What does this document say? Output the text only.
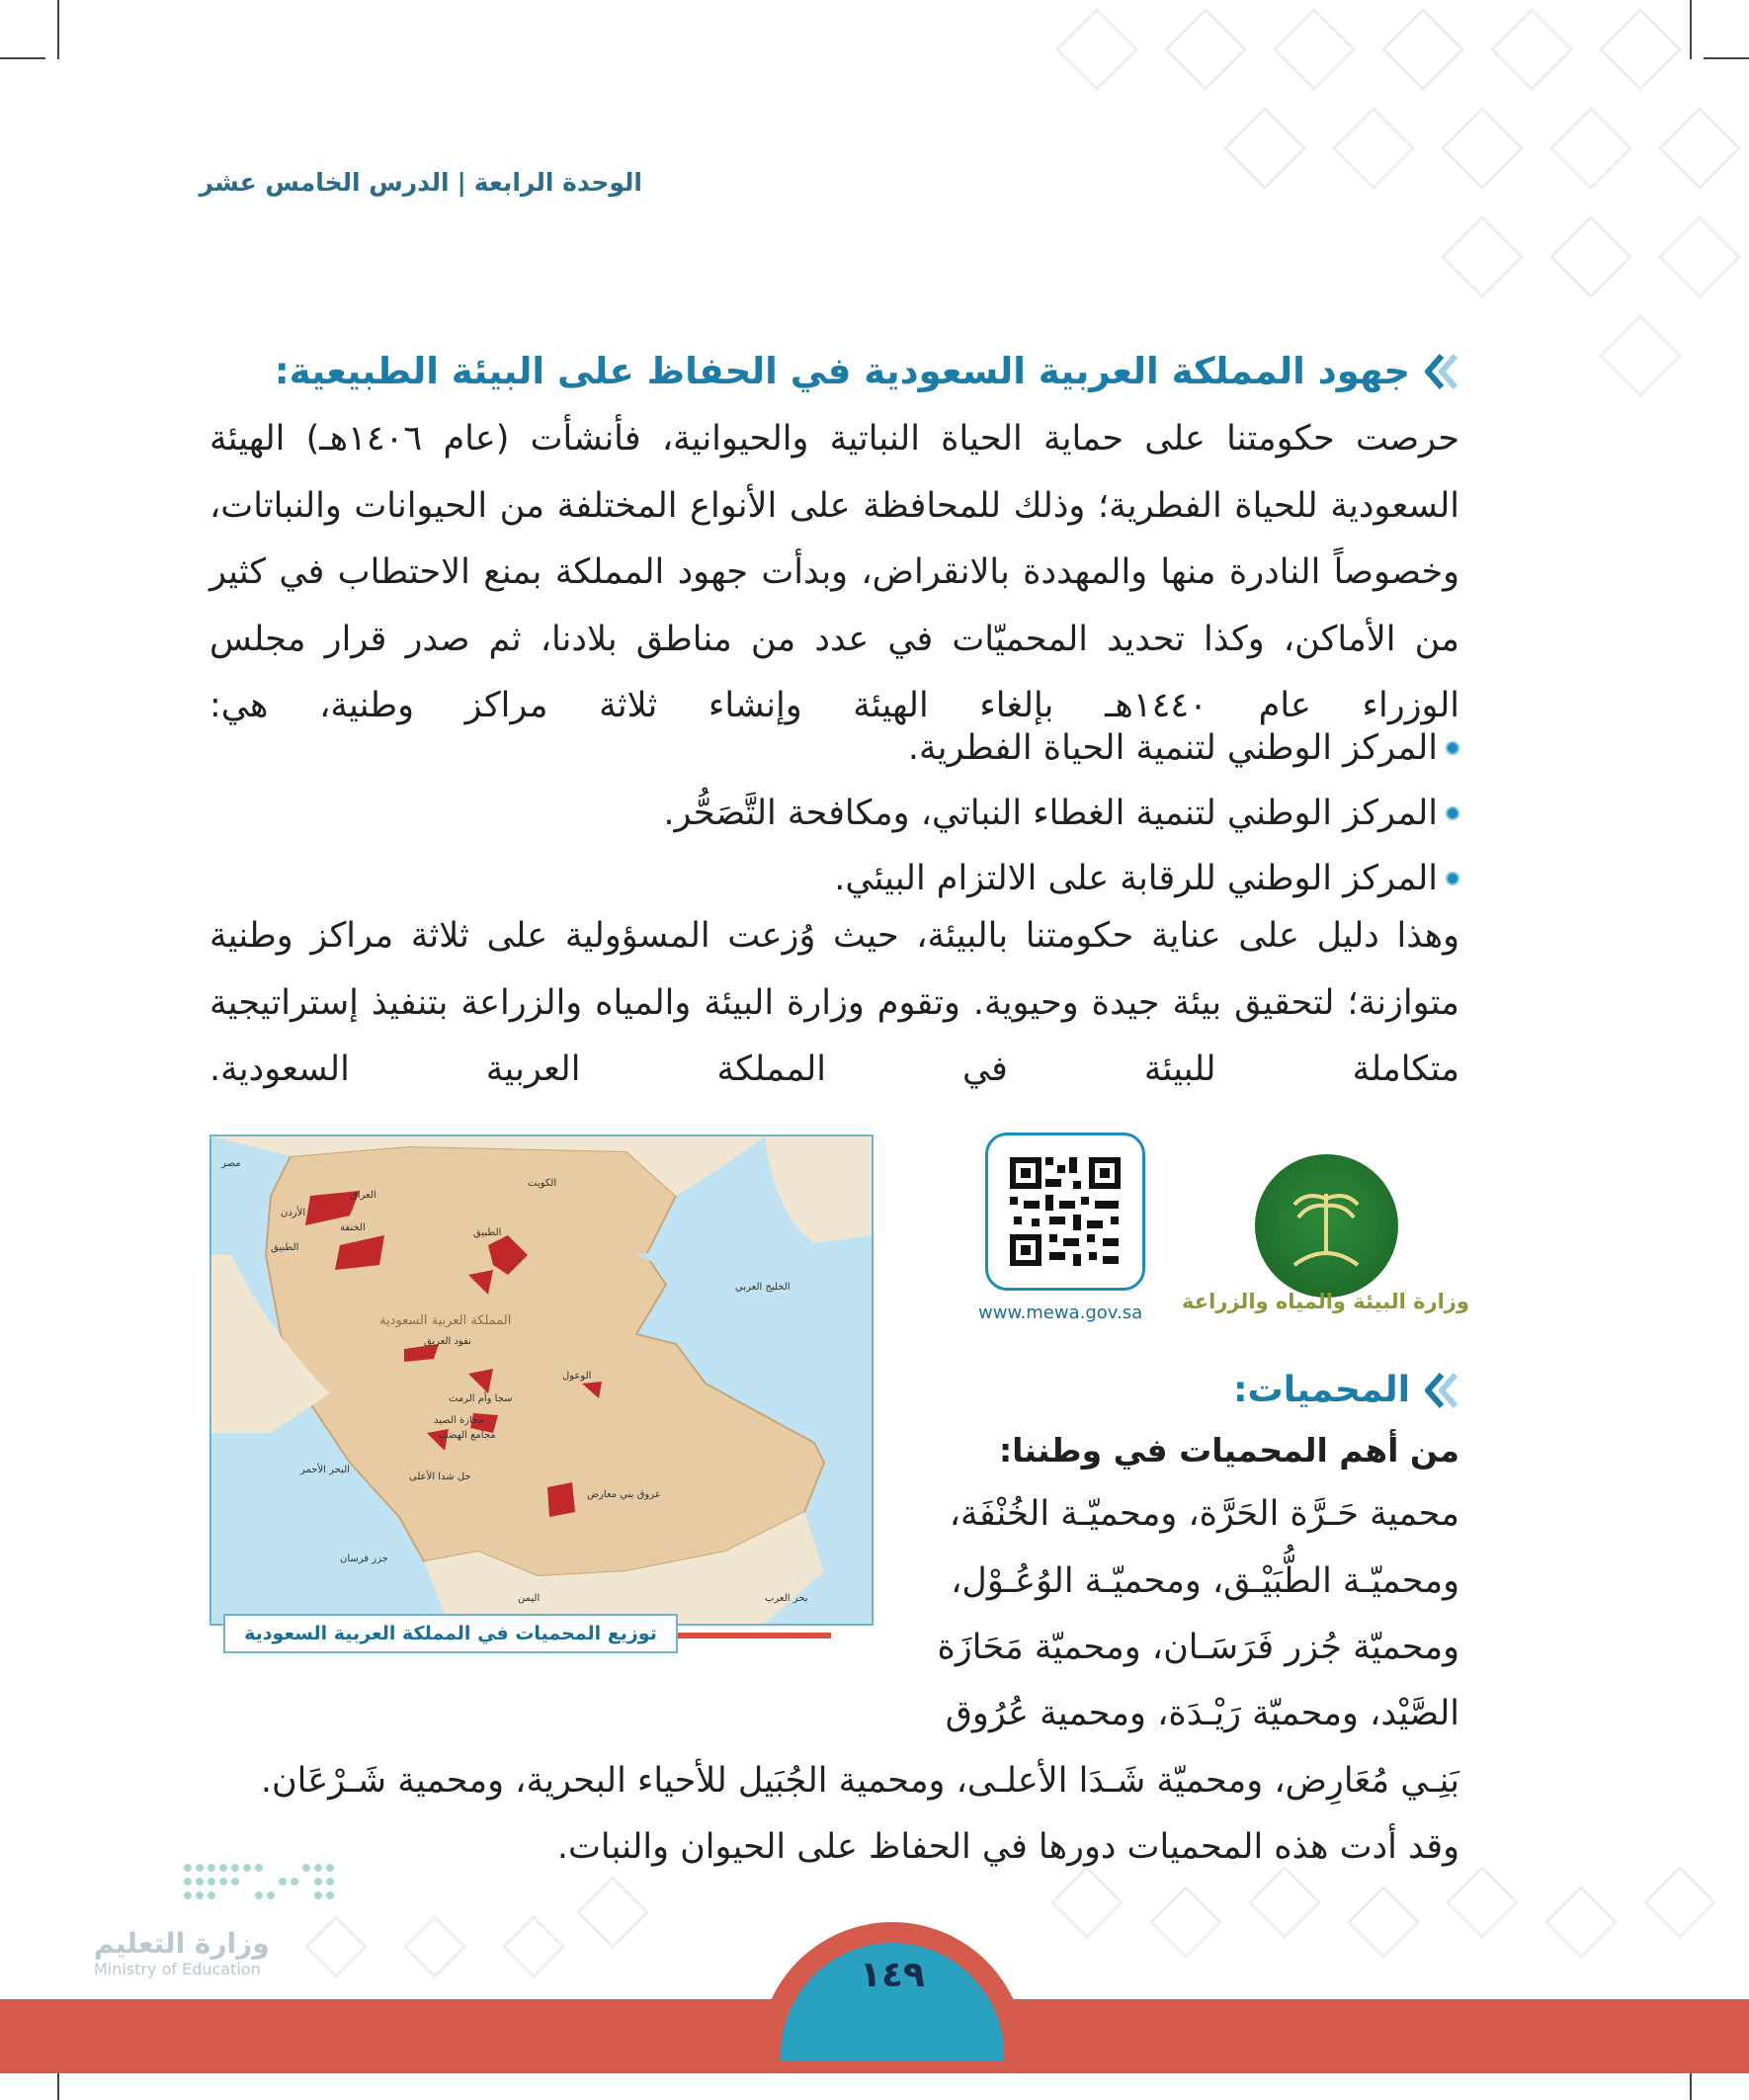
الوحدة الرابعة|الدرس الخامس عشر
جهود المملكة العربية السعودية في الحفاظ على البيئة الطبيعية:
حرصت حكومتنا على حماية الحياة النباتية والحيوانية، فأنشأت (عام ١٤٠٦هـ) الهيئة السعودية للحياة الفطرية؛ وذلك للمحافظة على الأنواع المختلفة من الحيوانات والنباتات، وخصوصاً النادرة منها والمهددة بالانقراض، وبدأت جهود المملكة بمنع الاحتطاب في كثير من الأماكن، وكذا تحديد المحميّات في عدد من مناطق بلادنا، ثم صدر قرار مجلس الوزراء عام ١٤٤٠هـ بإلغاء الهيئة وإنشاء ثلاثة مراكز وطنية، هي:
المركز الوطني لتنمية الحياة الفطرية.
المركز الوطني لتنمية الغطاء النباتي، ومكافحة التَّصَحُّر.
المركز الوطني للرقابة على الالتزام البيئي.
وهذا دليل على عناية حكومتنا بالبيئة، حيث وُزعت المسؤولية على ثلاثة مراكز وطنية متوازنة؛ لتحقيق بيئة جيدة وحيوية. وتقوم وزارة البيئة والمياه والزراعة بتنفيذ إستراتيجية متكاملة للبيئة في المملكة العربية السعودية.
وزارة البيئة والمياه والزراعة
www.mewa.gov.sa
المملكة العربية السعودية
العراق
الأردن
الخنفة
الطبيق
الطبيق
الكويت
نفود العريق
الوعول
سجا وأم الرمث
محازة الصيد
مجامع الهضب
حل شدا الأعلى
عروق بني معارض
جزر فرسان
الخليج العربي
البحر الأحمر
اليمن	بحر العرب
مصر
توزيع المحميات في المملكة العربية السعودية
المحميات:
من أهم المحميات في وطننا:
محمية حَـرَّة الحَرَّة، ومحميّـة الخُنْفَة،
ومحميّـة الطُّبَيْـق، ومحميّـة الوُعُـوْل،
ومحميّة جُزر فَرَسَـان، ومحميّة مَحَازَة
الصَّيْد، ومحميّة رَيْـدَة، ومحمية عُرُوق
بَنِـي مُعَارِض، ومحميّة شَـدَا الأعلـى، ومحمية الجُبَيل للأحياء البحرية، ومحمية شَـرْعَان.
وقد أدت هذه المحميات دورها في الحفاظ على الحيوان والنبات.
وزارة التعليم
Ministry of Education	١٤٩
